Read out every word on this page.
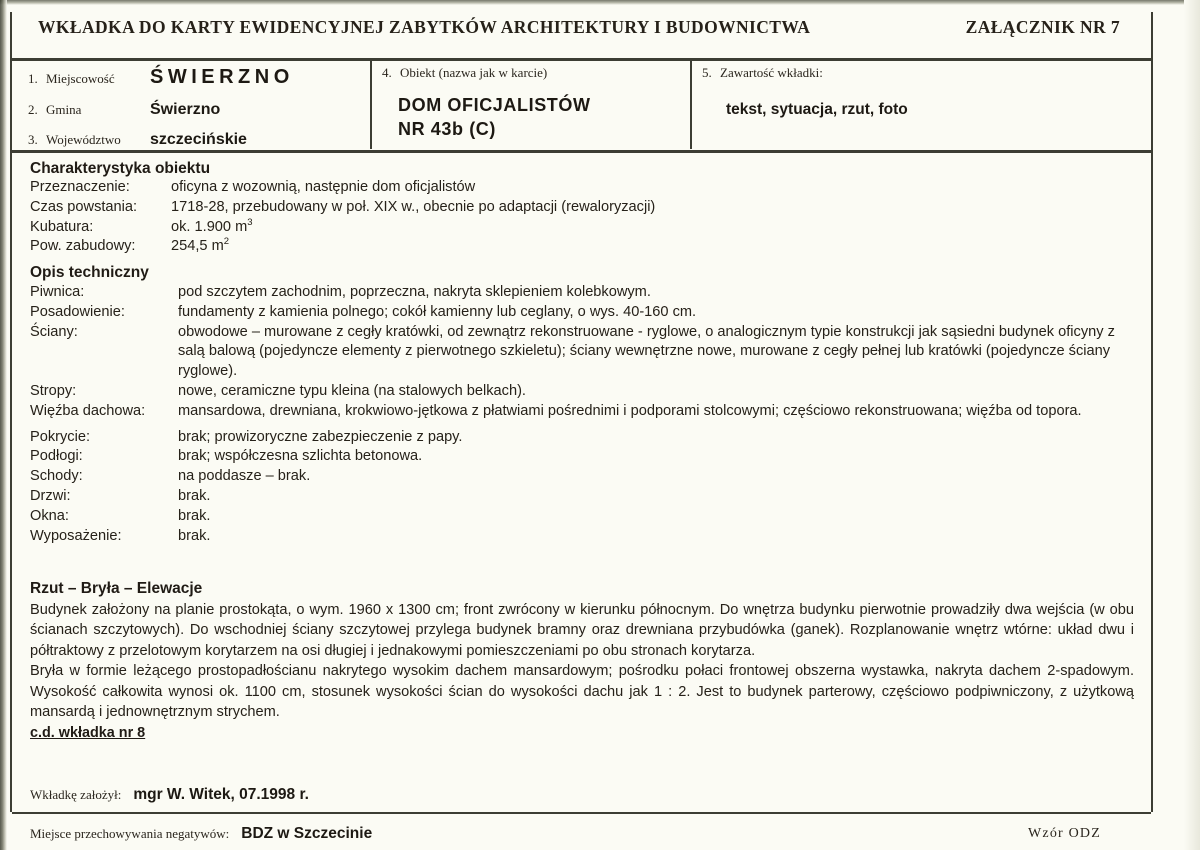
WKŁADKA DO KARTY EWIDENCYJNEJ ZABYTKÓW ARCHITEKTURY I BUDOWNICTWA	ZAŁĄCZNIK NR 7
1. Miejscowość	ŚWIERZNO
2. Gmina	Świerzno
3. Województwo	szczecińskie
4. Obiekt (nazwa jak w karcie)
DOM OFICJALISTÓW
NR 43b (C)
5. Zawartość wkładki:
tekst, sytuacja, rzut, foto
Charakterystyka obiektu
Przeznaczenie:	oficyna z wozownią, następnie dom oficjalistów
Czas powstania:	1718-28, przebudowany w poł. XIX w., obecnie po adaptacji (rewaloryzacji)
Kubatura:	ok. 1.900 $m^3$
Pow. zabudowy:	254,5 $m^2$
Opis techniczny
Piwnica:	pod szczytem zachodnim, poprzeczna, nakryta sklepieniem kolebkowym.
Posadowienie:	fundamenty z kamienia polnego; cokół kamienny lub ceglany, o wys. 40-160 cm.
Ściany:	obwodowe – murowane z cegły kratówki, od zewnątrz rekonstruowane - ryglowe, o analogicznym typie konstrukcji jak sąsiedni budynek oficyny z salą balową (pojedyncze elementy z pierwotnego szkieletu); ściany wewnętrzne nowe, murowane z cegły pełnej lub kratówki (pojedyncze ściany ryglowe).
Stropy:	nowe, ceramiczne typu kleina (na stalowych belkach).
Więźba dachowa:	mansardowa, drewniana, krokwiowo-jętkowa z płatwiami pośrednimi i podporami stolcowymi; częściowo rekonstruowana; więźba od topora.
Pokrycie:	brak; prowizoryczne zabezpieczenie z papy.
Podłogi:	brak; współczesna szlichta betonowa.
Schody:	na poddasze – brak.
Drzwi:	brak.
Okna:	brak.
Wyposażenie:	brak.
Rzut – Bryła – Elewacje

Budynek założony na planie prostokąta, o wym. 1960 x 1300 cm; front zwrócony w kierunku północnym. Do wnętrza budynku pierwotnie prowadziły dwa wejścia (w obu ścianach szczytowych). Do wschodniej ściany szczytowej przylega budynek bramny oraz drewniana przybudówka (ganek). Rozplanowanie wnętrz wtórne: układ dwu i półtraktowy z przelotowym korytarzem na osi długiej i jednakowymi pomieszczeniami po obu stronach korytarza.

Bryła w formie leżącego prostopadłościanu nakrytego wysokim dachem mansardowym; pośrodku połaci frontowej obszerna wystawka, nakryta dachem 2-spadowym. Wysokość całkowita wynosi ok. 1100 cm, stosunek wysokości ścian do wysokości dachu jak 1 : 2. Jest to budynek parterowy, częściowo podpiwniczony, z użytkową mansardą i jednownętrznym strychem.

c.d. wkładka nr 8
Wkładkę założył: mgr W. Witek, 07.1998 r.
Miejsce przechowywania negatywów: BDZ w Szczecinie	Wzór ODZ
